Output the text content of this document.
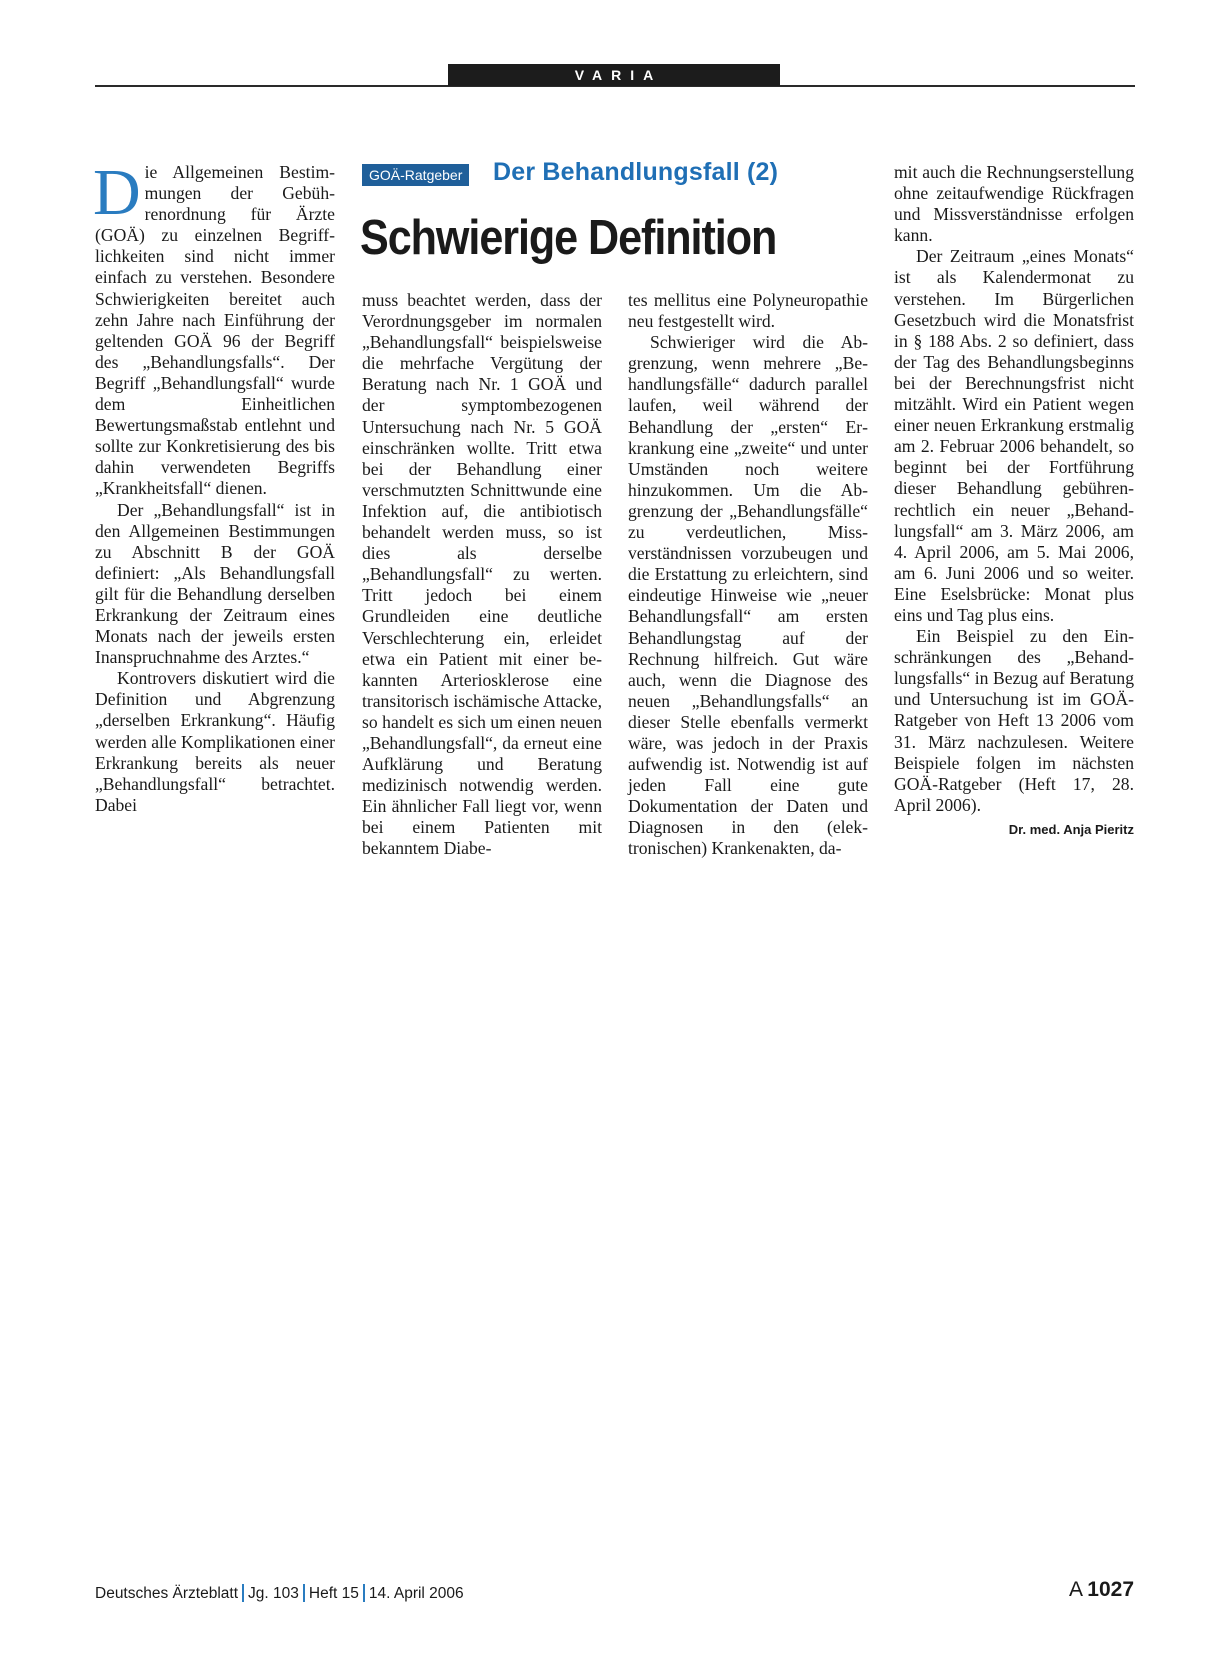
VARIA
GOÄ-Ratgeber Der Behandlungsfall (2)
Schwierige Definition

Die Allgemeinen Bestimmungen der Gebührenordnung für Ärzte (GOÄ) zu einzelnen Begrifflichkeiten sind nicht immer einfach zu verstehen. Besondere Schwierigkeiten bereitet auch zehn Jahre nach Einführung der geltenden GOÄ 96 der Begriff des „Behandlungsfalls“. Der Begriff „Behandlungsfall“ wurde dem Einheitlichen Bewertungsmaßstab entlehnt und sollte zur Konkretisierung des bis dahin verwendeten Begriffs „Krankheitsfall“ dienen.

Der „Behandlungsfall“ ist in den Allgemeinen Bestimmungen zu Abschnitt B der GOÄ definiert: „Als Behandlungsfall gilt für die Behandlung derselben Erkrankung der Zeitraum eines Monats nach der jeweils ersten Inanspruchnahme des Arztes.“

Kontrovers diskutiert wird die Definition und Abgrenzung „derselben Erkrankung“. Häufig werden alle Komplikationen einer Erkrankung bereits als neuer „Behandlungsfall“ betrachtet. Dabei

muss beachtet werden, dass der Verordnungsgeber im normalen „Behandlungsfall“ beispielsweise die mehrfache Vergütung der Beratung nach Nr. 1 GOÄ und der symptombezogenen Untersuchung nach Nr. 5 GOÄ einschränken wollte. Tritt etwa bei der Behandlung einer verschmutzten Schnittwunde eine Infektion auf, die antibiotisch behandelt werden muss, so ist dies als derselbe „Behandlungsfall“ zu werten. Tritt jedoch bei einem Grundleiden eine deutliche Verschlechterung ein, erleidet etwa ein Patient mit einer bekannten Arteriosklerose eine transitorisch ischämische Attacke, so handelt es sich um einen neuen „Behandlungsfall“, da erneut eine Aufklärung und Beratung medizinisch notwendig werden. Ein ähnlicher Fall liegt vor, wenn bei einem Patienten mit bekanntem Diabe-

tes mellitus eine Polyneuropathie neu festgestellt wird.

Schwieriger wird die Abgrenzung, wenn mehrere „Behandlungsfälle“ dadurch parallel laufen, weil während der Behandlung der „ersten“ Erkrankung eine „zweite“ und unter Umständen noch weitere hinzukommen. Um die Abgrenzung der „Behandlungsfälle“ zu verdeutlichen, Missverständnissen vorzubeugen und die Erstattung zu erleichtern, sind eindeutige Hinweise wie „neuer Behandlungsfall“ am ersten Behandlungstag auf der Rechnung hilfreich. Gut wäre auch, wenn die Diagnose des neuen „Behandlungsfalls“ an dieser Stelle ebenfalls vermerkt wäre, was jedoch in der Praxis aufwendig ist. Notwendig ist auf jeden Fall eine gute Dokumentation der Daten und Diagnosen in den (elektronischen) Krankenakten, da-

mit auch die Rechnungserstellung ohne zeitaufwendige Rückfragen und Missverständnisse erfolgen kann.

Der Zeitraum „eines Monats“ ist als Kalendermonat zu verstehen. Im Bürgerlichen Gesetzbuch wird die Monatsfrist in § 188 Abs. 2 so definiert, dass der Tag des Behandlungsbeginns bei der Berechnungsfrist nicht mitzählt. Wird ein Patient wegen einer neuen Erkrankung erstmalig am 2. Februar 2006 behandelt, so beginnt bei der Fortführung dieser Behandlung gebührenrechtlich ein neuer „Behandlungsfall“ am 3. März 2006, am 4. April 2006, am 5. Mai 2006, am 6. Juni 2006 und so weiter. Eine Eselsbrücke: Monat plus eins und Tag plus eins.

Ein Beispiel zu den Einschränkungen des „Behandlungsfalls“ in Bezug auf Beratung und Untersuchung ist im GOÄ-Ratgeber von Heft 13 2006 vom 31. März nachzulesen. Weitere Beispiele folgen im nächsten GOÄ-Ratgeber (Heft 17, 28. April 2006).

Dr. med. Anja Pieritz
Deutsches Ärzteblatt Jg. 103 Heft 15 14. April 2006	A  1027
